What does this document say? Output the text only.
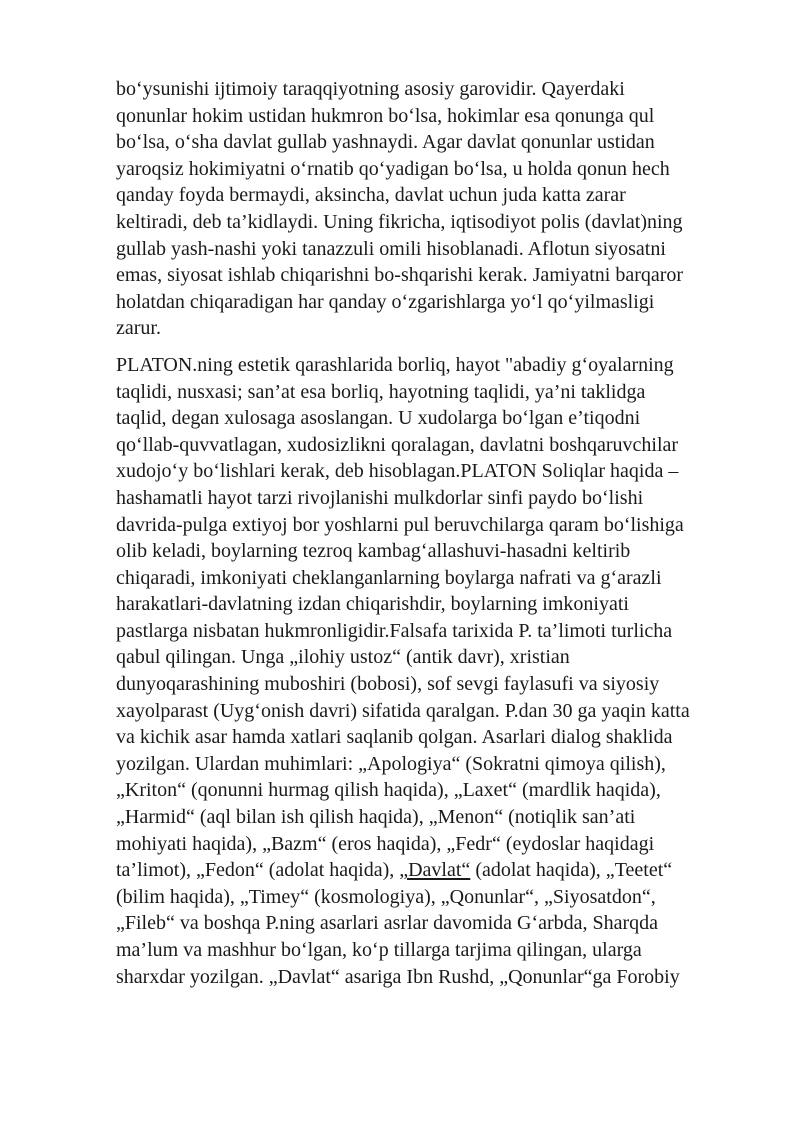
bo‘ysunishi ijtimoiy taraqqiyotning asosiy garovidir. Qayerdaki
qonunlar hokim ustidan hukmron bo‘lsa, hokimlar esa qonunga qul
bo‘lsa, o‘sha davlat gullab yashnaydi. Agar davlat qonunlar ustidan
yaroqsiz hokimiyatni o‘rnatib qo‘yadigan bo‘lsa, u holda qonun hech
qanday foyda bermaydi, aksincha, davlat uchun juda katta zarar
keltiradi, deb ta’kidlaydi. Uning fikricha, iqtisodiyot polis (davlat)ning
gullab yash-nashi yoki tanazzuli omili hisoblanadi. Aflotun siyosatni
emas, siyosat ishlab chiqarishni bo-shqarishi kerak. Jamiyatni barqaror
holatdan chiqaradigan har qanday o‘zgarishlarga yo‘l qo‘yilmasligi
zarur.

PLATON.ning estetik qarashlarida borliq, hayot "abadiy g‘oyalarning
taqlidi, nusxasi; san’at esa borliq, hayotning taqlidi, ya’ni taklidga
taqlid, degan xulosaga asoslangan. U xudolarga bo‘lgan e’tiqodni
qo‘llab-quvvatlagan, xudosizlikni qoralagan, davlatni boshqaruvchilar
xudojo‘y bo‘lishlari kerak, deb hisoblagan.PLATON Soliqlar haqida –
hashamatli hayot tarzi rivojlanishi mulkdorlar sinfi paydo bo‘lishi
davrida-pulga extiyoj bor yoshlarni pul beruvchilarga qaram bo‘lishiga
olib keladi, boylarning tezroq kambag‘allashuvi-hasadni keltirib
chiqaradi, imkoniyati cheklanganlarning boylarga nafrati va g‘arazli
harakatlari-davlatning izdan chiqarishdir, boylarning imkoniyati
pastlarga nisbatan hukmronligidir.Falsafa tarixida P. ta’limoti turlicha
qabul qilingan. Unga „ilohiy ustoz“ (antik davr), xristian
dunyoqarashining muboshiri (bobosi), sof sevgi faylasufi va siyosiy
xayolparast (Uyg‘onish davri) sifatida qaralgan. P.dan 30 ga yaqin katta
va kichik asar hamda xatlari saqlanib qolgan. Asarlari dialog shaklida
yozilgan. Ulardan muhimlari: „Apologiya“ (Sokratni qimoya qilish),
„Kriton“ (qonunni hurmag qilish haqida), „Laxet“ (mardlik haqida),
„Harmid“ (aql bilan ish qilish haqida), „Menon“ (notiqlik san’ati
mohiyati haqida), „Bazm“ (eros haqida), „Fedr“ (eydoslar haqidagi
ta’limot), „Fedon“ (adolat haqida), „Davlat“ (adolat haqida), „Teetet“
(bilim haqida), „Timey“ (kosmologiya), „Qonunlar“, „Siyosatdon“,
„Fileb“ va boshqa P.ning asarlari asrlar davomida G‘arbda, Sharqda
ma’lum va mashhur bo‘lgan, ko‘p tillarga tarjima qilingan, ularga
sharxdar yozilgan. „Davlat“ asariga Ibn Rushd, „Qonunlar“ga Forobiy
